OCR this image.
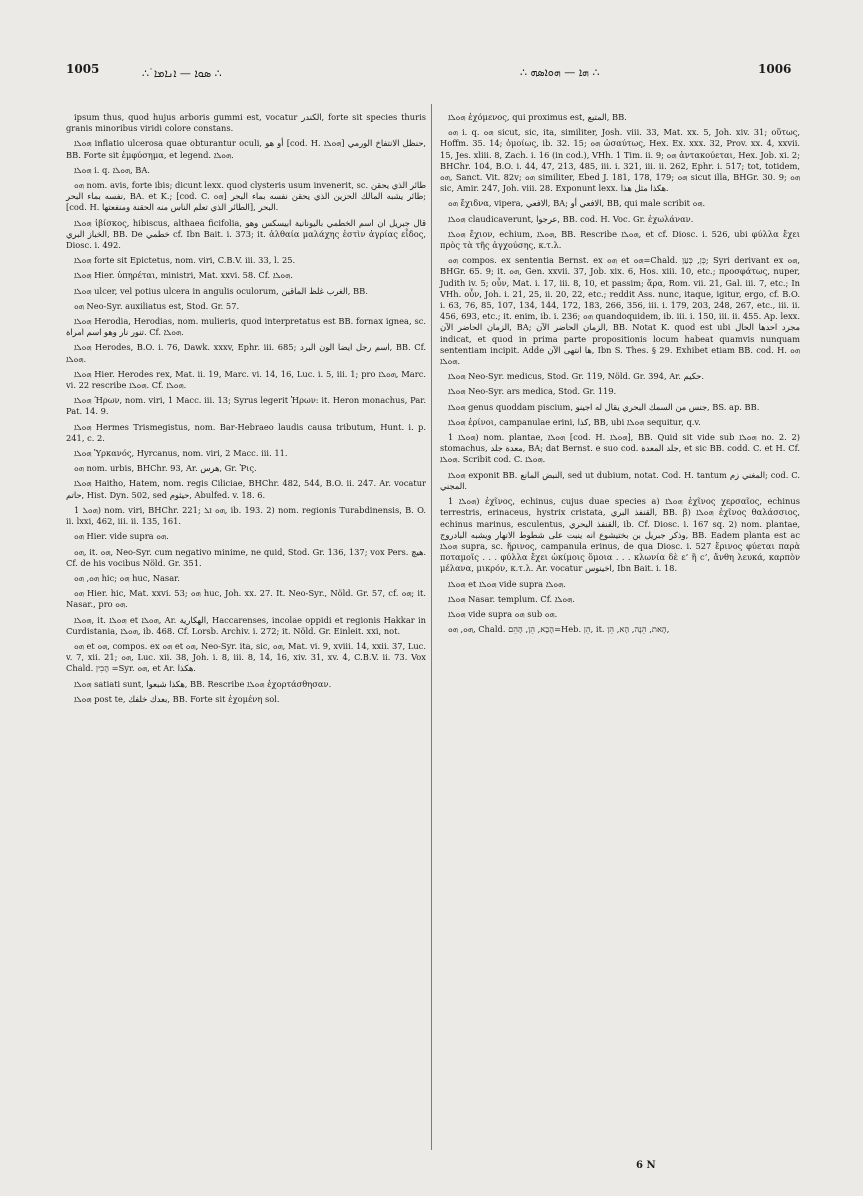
1005	∴ ᜒܣܘܐ — ܐܢܐܡܐ ∴	∴ ܗܐ — ܗܘܐܣܗ ∴	1006

ipsum thus, quod hujus arboris gummi est, vocatur الكندر, forte sit species thuris granis minoribus viridi colore constans.

ܗܘܠܐ inflatio ulcerosa quae obturantur oculi, أو هو [cod. H. ܗܘܠܐ] حنظل الانتفاخ الورمي, BB. Forte sit ἐμφύσημα, et legend. ܗܘܠܐ.

ܗܘܠܐ i. q. ܗܘܠܐ, BA.

ܗܘ nom. avis, forte ibis; dicunt lexx. quod clysteris usum invenerit, sc. طائر الذي يحقن نفسه بماء البحر, BA. et K.; [cod. C. ܗܘ] طائر يشبه المالك الحزين الذي يحقن نفسه بماء البحر; [cod. H. الطائر الذي تعلم الناس منه الحقنة ومنفعتها], البحر.

ܗܘܠܐ ἰβίσκος, hibiscus, althaea ficifolia, قال جبريل ان اسم الخطمي باليونانية ابيسكس وهو الخباز البري, BB. De خطمي cf. Ibn Bait. i. 373; it. ἀλθαία μαλάχης ἐστὶν ἀγρίας εἶδος, Diosc. i. 492.

ܗܘܠܐ forte sit Epictetus, nom. viri, C.B.V. iii. 33, l. 25.

ܗܘܠܐ Hier. ὑπηρέται, ministri, Mat. xxvi. 58. Cf. ܗܘܠܐ.

ܗܘܠܐ ulcer, vel potius ulcera in angulis oculorum, الغرب غلظ الماقين, BB.

ܗܘ Neo-Syr. auxiliatus est, Stod. Gr. 57.

ܗܘܠܐ Herodia, Herodias, nom. mulieris, quod interpretatus est BB. fornax ignea, sc. تنور نار وهو اسم امراة. Cf. ܗܘܠܐ.

ܗܘܠܐ Herodes, B.O. i. 76, Dawk. xxxv, Ephr. iii. 685; اسم رجل ايضا الون البرد, BB. Cf. ܗܘܠܐ.

ܗܘܠܐ Hier. Herodes rex, Mat. ii. 19, Marc. vi. 14, 16, Luc. i. 5, iii. 1; pro ܗܘܠܐ, Marc. vi. 22 rescribe ܗܘܠܐ. Cf. ܗܘܠܐ.

ܗܘܠܐ Ήρων, nom. viri, 1 Macc. iii. 13; Syrus legerit Ἡρων: it. Heron monachus, Par. Pat. 14. 9.

ܗܘܠܐ Hermes Trismegistus, nom. Bar-Hebraeo laudis causa tributum, Hunt. i. p. 241, c. 2.

ܗܘܠܐ Ὑρκανός, Hyrcanus, nom. viri, 2 Macc. iii. 11.

ܗܘ nom. urbis, BHChr. 93, Ar. هرس, Gr. Ῥις.

ܗܘܠܐ Haitho, Hatem, nom. regis Ciliciae, BHChr. 482, 544, B.O. ii. 247. Ar. vocatur حاتم, Hist. Dyn. 502, sed حيثوم, Abulfed. v. 18. 6.

ܗܘܠ 1) nom. viri, BHChr. 221; ܗܘ ܐܠ, ib. 193. 2) nom. regionis Turabdinensis, B. O. ii. lxxi, 462, iii. ii. 135, 161.

ܗܘ Hier. vide supra ܗܘ.

ܗܘ, it. ܗܘ, Neo-Syr. cum negativo minime, ne quid, Stod. Gr. 136, 137; vox Pers. هيچ. Cf. de his vocibus Nöld. Gr. 351.

ܗܘ, ܗܘ hic; ܗܘ huc, Nasar.

ܗܘ Hier. hic, Mat. xxvi. 53; ܗܘ huc, Joh. xx. 27. It. Neo-Syr., Nöld. Gr. 57, cf. ܗܘ; it. Nasar., pro ܗܘ.

ܗܘܠܐ, it. ܗܘܠܐ et ܗܘܠܐ, Ar. الهكارية, Haccarenses, incolae oppidi et regionis Hakkar in Curdistania, ܗܘܠܐ, ib. 468. Cf. Lorsb. Archiv. i. 272; it. Nöld. Gr. Einleit. xxi, not.

ܗܘ et ܗܘ, compos. ex ܗܘ et ܗܘ, Neo-Syr. ita, sic, ܗܘ, Mat. vi. 9, xviii. 14, xxii. 37, Luc. v. 7, xii. 21; ܗܘ, Luc. xii. 38, Joh. i. 8, iii. 8, 14, 16, xiv. 31, xv. 4, C.B.V. ii. 73. Vox Chald. הָכִין =Syr. ܗܘ, et Ar. هكذا.

ܗܘܠܐ satiati sunt, هكذا شبعوا, BB. Rescribe ܗܘܠܐ ἐχορτάσθησαν.

ܗܘܠܐ post te, بعدك خلفك, BB. Forte sit ἐχομένη sol.

ܗܘܠܐ ἐχόμενος, qui proximus est, المتبع, BB.

ܗܘ i. q. ܗܘ sicut, sic, ita, similiter, Josh. viii. 33, Mat. xx. 5, Joh. xiv. 31; οὕτως, Hoffm. 35. 14; ὁμοίως, ib. 32. 15; ܗܘ ὡσαύτως, Hex. Ex. xxx. 32, Prov. xx. 4, xxvii. 15, Jes. xliii. 8, Zach. i. 16 (in cod.), VHh. 1 Tim. ii. 9; ܗܘ ἀντακούεται, Hex. Job. xi. 2; BHChr. 104, B.O. i. 44, 47, 213, 485, iii. i. 321, iii. ii. 262, Ephr. i. 517; tot, totidem, ܗܘ, Sanct. Vit. 82v; ܗܘ similiter, Ebed J. 181, 178, 179; ܗܘ sicut illa, BHGr. 30. 9; ܗܘ sic, Amir. 247, Joh. viii. 28. Exponunt lexx. هكذا مثل هذا.

ܗܘ ἔχιδνα, vipera, الافعي, BA; الافعي أو, BB, qui male scribit ܗܘ.

ܗܘܠܐ claudicaverunt, عرجوا, BB. cod. H. Voc. Gr. ἐχωλάναν.

ܗܘܠܐ ἔχιον, echium, ܗܘܠܐ, BB. Rescribe ܗܘܠܐ, et cf. Diosc. i. 526, ubi φύλλα ἔχει πρὸς τὰ τῆς ἀγχούσης, κ.τ.λ.

ܗܘ compos. ex sententia Bernst. ex ܗܘ et ܗܘ=Chald. כְּן, כְּעַן; Syri derivant ex ܗܘ, BHGr. 65. 9; it. ܗܘ, Gen. xxvii. 37, Job. xix. 6, Hos. xiii. 10, etc.; προσφάτως, nuper, Judith iv. 5; οὖν, Mat. i. 17, iii. 8, 10, et passim; ἄρα, Rom. vii. 21, Gal. iii. 7, etc.; In VHh. οὖν, Joh. i. 21, 25, ii. 20, 22, etc.; reddit Ass. nunc, itaque, igitur, ergo, cf. B.O. i. 63, 76, 85, 107, 134, 144, 172, 183, 266, 356, iii. i. 179, 203, 248, 267, etc., iii. ii. 456, 693, etc.; it. enim, ib. i. 236; ܗܘ quandoquidem, ib. iii. i. 150, iii. ii. 455. Ap. lexx. الزمان الحاضر الآن, BA; الزمان الحاضر الآن, BB. Notat K. quod est ubi مجرد احدها الحال indicat, et quod in prima parte propositionis locum habeat quamvis nunquam sententiam incipit. Adde ها انتهى الآن, Ibn S. Thes. § 29. Exhibet etiam BB. cod. H. ܗܘ ܗܘܠܐ.

ܗܘܠܐ Neo-Syr. medicus, Stod. Gr. 119, Nöld. Gr. 394, Ar. حكيم.

ܗܘܠܐ Neo-Syr. ars medica, Stod. Gr. 119.

ܗܘܠܐ genus quoddam piscium, جنس من السمك البحري يقال له اجينو, BS. ap. BB.

ܗܘܠܐ ἐρίνοι, campanulae erini, كذا, BB, ubi ܗܘܠܐ sequitur, q.v.

ܗܘܠܐ 1) nom. plantae, ܗܘܠܐ [cod. H. ܗܘܠܐ], BB. Quid sit vide sub ܗܘܠܐ no. 2. 2) stomachus, معدة جلد, BA; dat Bernst. e suo cod. جلد المعدة, et sic BB. codd. C. et H. Cf. ܗܘܠܐ. Scribit cod. C. ܗܘܠܐ.

ܗܘܠܐ exponit BB. النبض المانع, sed ut dubium, notat. Cod. H. tantum المغني زم; cod. C. المجني.

ܗܘܠܐ 1) ἐχῖνος, echinus, cujus duae species a) ܗܘܠܐ ἐχῖνος χερσαῖος, echinus terrestris, erinaceus, hystrix cristata, القنفذ البري, BB. β) ܗܘܠܐ ἐχῖνος θαλάσσιος, echinus marinus, esculentus, القنفذ البحري, ib. Cf. Diosc. i. 167 sq. 2) nom. plantae, وذكر جبريل بن بختيشوع انه ينبت على شطوط الانهار ويشبه البادروج, BB. Eadem planta est ac ܗܘܠܐ supra, sc. ἥρινος, campanula erinus, de qua Diosc. i. 527 ἔρινος φύεται παρὰ ποταμοῖς . . . φύλλα ἔχει ὠκίμοις ὅμοια . . . κλωνία δὲ ε’ ἢ ϲ’, ἄνθη λευκά, καρπὸν μέλανα, μικρόν, κ.τ.λ. Ar. vocatur اخينوس, Ibn Bait. i. 18.

ܗܘܠܐ et ܗܘܠܐ vide supra ܗܘܠܐ.

ܗܘܠܐ Nasar. templum. Cf. ܗܘܠܐ.

ܗܘܠܐ vide supra ܗܘ sub ܗܘ.

ܗܘ, ܗܘ, Chald. הָכָא, הֵן, הָהֵם=Heb. הֵן, it. הָאת, הֵנָה, הָא, הֵן,

6 N
